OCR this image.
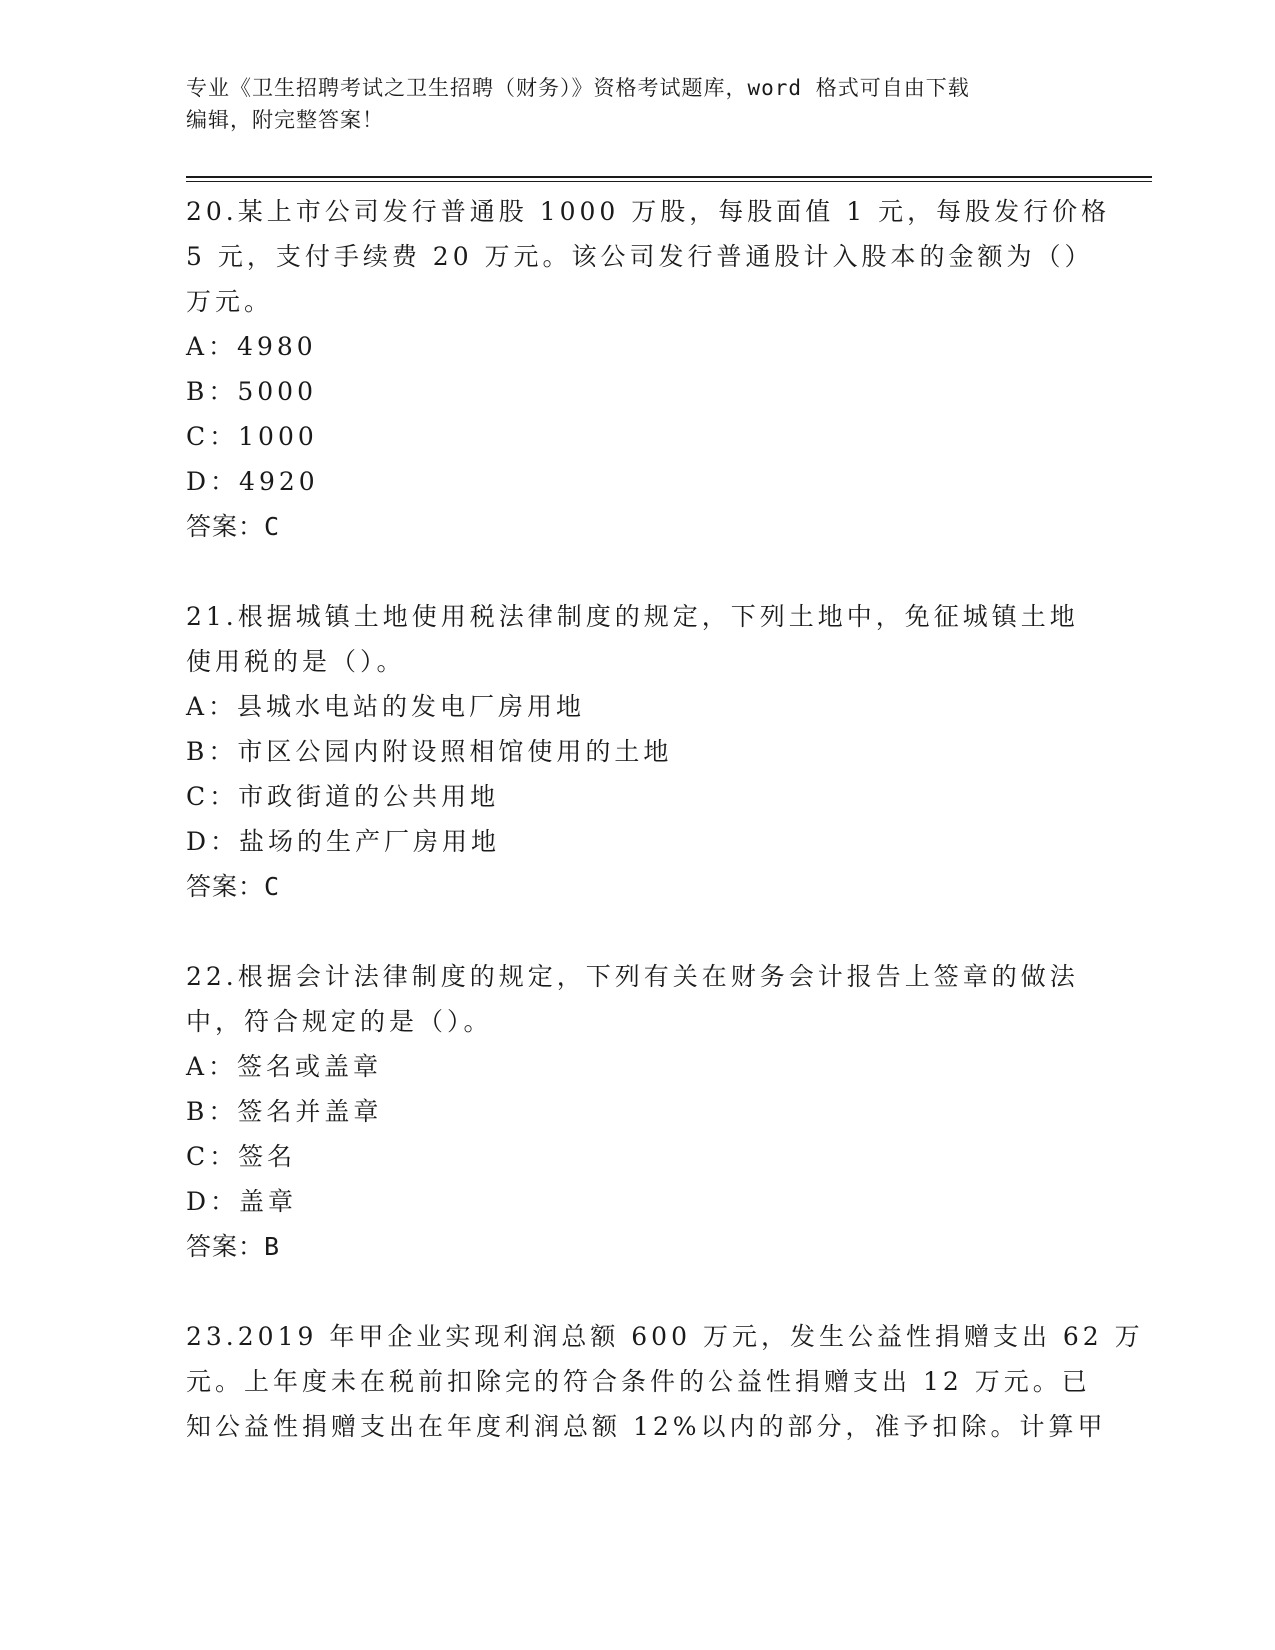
专业《卫生招聘考试之卫生招聘（财务）》资格考试题库，word 格式可自由下载
编辑，附完整答案！
20.某上市公司发行普通股 1000 万股，每股面值 1 元，每股发行价格
5 元，支付手续费 20 万元。该公司发行普通股计入股本的金额为（）
万元。
A：4980
B：5000
C：1000
D：4920
答案：C
21.根据城镇土地使用税法律制度的规定，下列土地中，免征城镇土地
使用税的是（）。
A：县城水电站的发电厂房用地
B：市区公园内附设照相馆使用的土地
C：市政街道的公共用地
D：盐场的生产厂房用地
答案：C
22.根据会计法律制度的规定，下列有关在财务会计报告上签章的做法
中，符合规定的是（）。
A：签名或盖章
B：签名并盖章
C：签名
D：盖章
答案：B
23.2019 年甲企业实现利润总额 600 万元，发生公益性捐赠支出 62 万
元。上年度未在税前扣除完的符合条件的公益性捐赠支出 12 万元。已
知公益性捐赠支出在年度利润总额 12%以内的部分，准予扣除。计算甲
